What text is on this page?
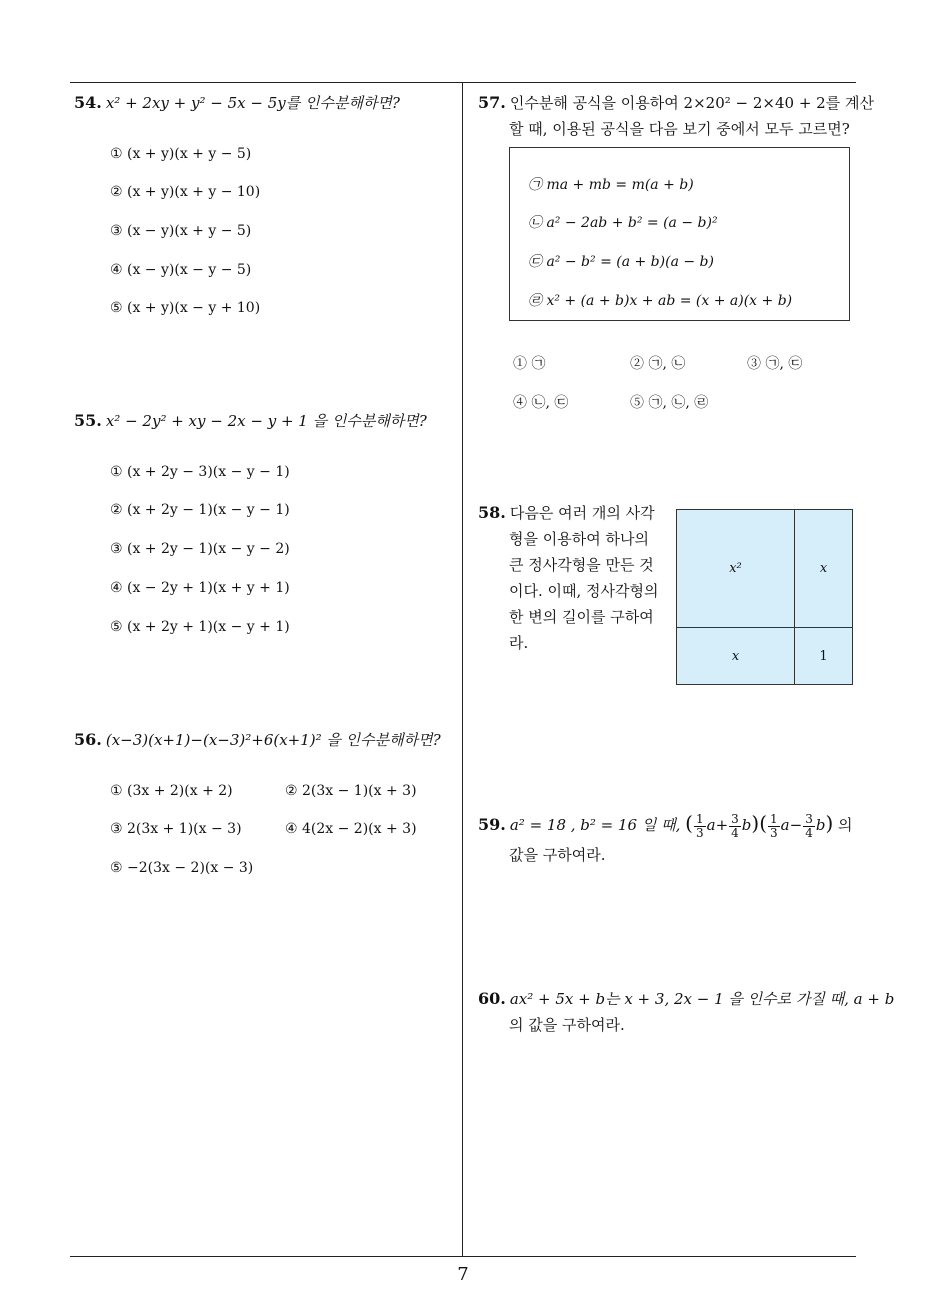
54. x² + 2xy + y² − 5x − 5y를 인수분해하면?
① (x + y)(x + y − 5)
② (x + y)(x + y − 10)
③ (x − y)(x + y − 5)
④ (x − y)(x − y − 5)
⑤ (x + y)(x − y + 10)
55. x² − 2y² + xy − 2x − y + 1 을 인수분해하면?
① (x + 2y − 3)(x − y − 1)
② (x + 2y − 1)(x − y − 1)
③ (x + 2y − 1)(x − y − 2)
④ (x − 2y + 1)(x + y + 1)
⑤ (x + 2y + 1)(x − y + 1)
56. (x−3)(x+1)−(x−3)²+6(x+1)² 을 인수분해하면?
① (3x + 2)(x + 2)	② 2(3x − 1)(x + 3)
③ 2(3x + 1)(x − 3)	④ 4(2x − 2)(x + 3)
⑤ −2(3x − 2)(x − 3)
57. 인수분해 공식을 이용하여 2×20² − 2×40 + 2를 계산
할 때, 이용된 공식을 다음 보기 중에서 모두 고르면?
㉠ ma + mb = m(a + b)
㉡ a² − 2ab + b² = (a − b)²
㉢ a² − b² = (a + b)(a − b)
㉣ x² + (a + b)x + ab = (x + a)(x + b)
① ㉠	② ㉠, ㉡	③ ㉠, ㉢
④ ㉡, ㉢	⑤ ㉠, ㉡, ㉣
58. 다음은 여러 개의 사각
형을 이용하여 하나의
큰 정사각형을 만든 것
이다. 이때, 정사각형의
한 변의 길이를 구하여
라.
x²	x
x	1
59. a² = 18 , b² = 16 일 때, ( $\frac{1}{3} a+ \frac{3}{4} b)( \frac{1}{3} a- \frac{3}{4} b)$ 의
값을 구하여라.
60. ax² + 5x + b는 x + 3, 2x − 1 을 인수로 가질 때, a + b
의 값을 구하여라.
7
